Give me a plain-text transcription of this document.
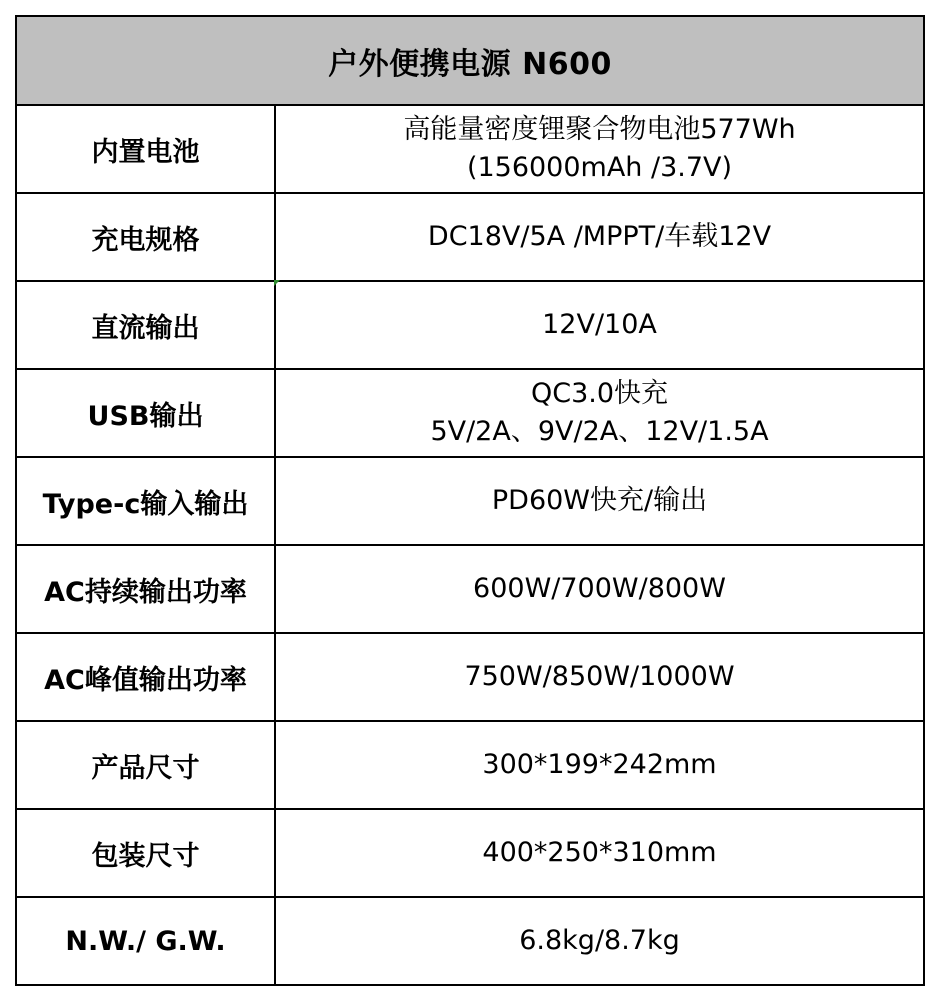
户外便携电源 N600	
内置电池	高能量密度锂聚合物电池577Wh
(156000mAh /3.7V)

充电规格	DC18V/5A /MPPT/车载12V

直流输出	12V/10A

USB输出	QC3.0快充
5V/2A、9V/2A、12V/1.5A

Type-c输入输出	PD60W快充/输出

AC持续输出功率	600W/700W/800W

AC峰值输出功率	750W/850W/1000W

产品尺寸	300*199*242mm

包装尺寸	400*250*310mm

N.W./ G.W.	6.8kg/8.7kg
